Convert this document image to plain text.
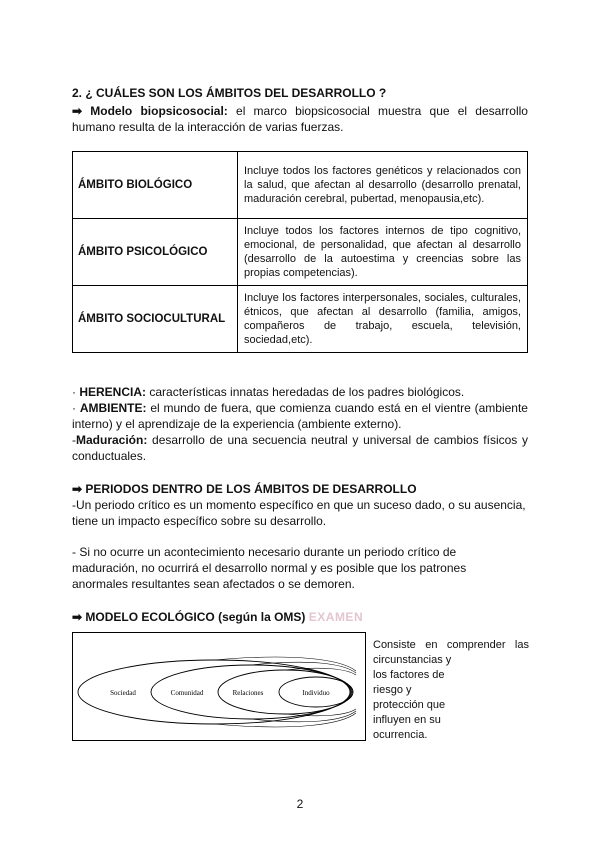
2. ¿ CUÁLES SON LOS ÁMBITOS DEL DESARROLLO ?
➡ Modelo biopsicosocial: el marco biopsicosocial muestra que el desarrollo humano resulta de la interacción de varias fuerzas.
ÁMBITO BIOLÓGICO	Incluye todos los factores genéticos y relacionados con la salud, que afectan al desarrollo (desarrollo prenatal, maduración cerebral, pubertad, menopausia,etc).
ÁMBITO PSICOLÓGICO	Incluye todos los factores internos de tipo cognitivo, emocional, de personalidad, que afectan al desarrollo (desarrollo de la autoestima y creencias sobre las propias competencias).
ÁMBITO SOCIOCULTURAL	Incluye los factores interpersonales, sociales, culturales, étnicos, que afectan al desarrollo (familia, amigos, compañeros de trabajo, escuela, televisión, sociedad,etc).
· HERENCIA: características innatas heredadas de los padres biológicos.
· AMBIENTE: el mundo de fuera, que comienza cuando está en el vientre (ambiente interno) y el aprendizaje de la experiencia (ambiente externo).
-Maduración: desarrollo de una secuencia neutral y universal de cambios físicos y conductuales.
➡ PERIODOS DENTRO DE LOS ÁMBITOS DE DESARROLLO
-Un periodo crítico es un momento específico en que un suceso dado, o su ausencia, tiene un impacto específico sobre su desarrollo.
- Si no ocurre un acontecimiento necesario durante un periodo crítico de maduración, no ocurrirá el desarrollo normal y es posible que los patrones anormales resultantes sean afectados o se demoren.
➡ MODELO ECOLÓGICO (según la OMS) EXAMEN
Sociedad	Comunidad	Relaciones	Individuo
Consiste en comprender las
circunstancias y
los factores de
riesgo y
protección que
influyen en su
ocurrencia.
2
